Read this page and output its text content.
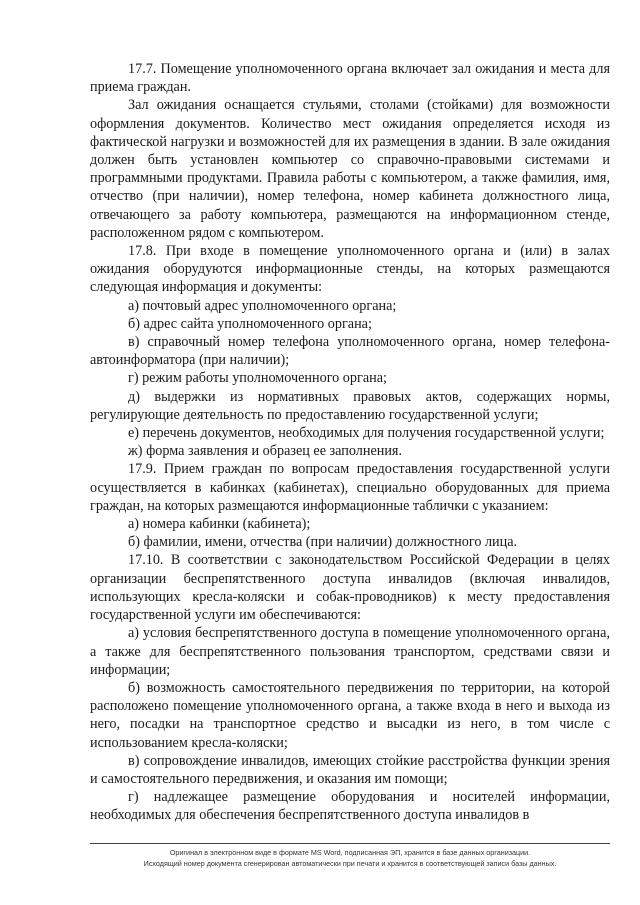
17.7. Помещение уполномоченного органа включает зал ожидания и места для приема граждан.

Зал ожидания оснащается стульями, столами (стойками) для возможности оформления документов. Количество мест ожидания определяется исходя из фактической нагрузки и возможностей для их размещения в здании. В зале ожидания должен быть установлен компьютер со справочно-правовыми системами и программными продуктами. Правила работы с компьютером, а также фамилия, имя, отчество (при наличии), номер телефона, номер кабинета должностного лица, отвечающего за работу компьютера, размещаются на информационном стенде, расположенном рядом с компьютером.

17.8. При входе в помещение уполномоченного органа и (или) в залах ожидания оборудуются информационные стенды, на которых размещаются следующая информация и документы:

а) почтовый адрес уполномоченного органа;

б) адрес сайта уполномоченного органа;

в) справочный номер телефона уполномоченного органа, номер телефона-автоинформатора (при наличии);

г) режим работы уполномоченного органа;

д) выдержки из нормативных правовых актов, содержащих нормы, регулирующие деятельность по предоставлению государственной услуги;

е) перечень документов, необходимых для получения государственной услуги;

ж) форма заявления и образец ее заполнения.

17.9. Прием граждан по вопросам предоставления государственной услуги осуществляется в кабинках (кабинетах), специально оборудованных для приема граждан, на которых размещаются информационные таблички с указанием:

а) номера кабинки (кабинета);

б) фамилии, имени, отчества (при наличии) должностного лица.

17.10. В соответствии с законодательством Российской Федерации в целях организации беспрепятственного доступа инвалидов (включая инвалидов, использующих кресла-коляски и собак-проводников) к месту предоставления государственной услуги им обеспечиваются:

а) условия беспрепятственного доступа в помещение уполномоченного органа, а также для беспрепятственного пользования транспортом, средствами связи и информации;

б) возможность самостоятельного передвижения по территории, на которой расположено помещение уполномоченного органа, а также входа в него и выхода из него, посадки на транспортное средство и высадки из него, в том числе с использованием кресла-коляски;

в) сопровождение инвалидов, имеющих стойкие расстройства функции зрения и самостоятельного передвижения, и оказания им помощи;

г) надлежащее размещение оборудования и носителей информации, необходимых для обеспечения беспрепятственного доступа инвалидов в

Оригинал в электронном виде в формате MS Word, подписанная ЭП, хранится в базе данных организации.
Исходящий номер документа сгенерирован автоматически при печати и хранится в соответствующей записи базы данных.
